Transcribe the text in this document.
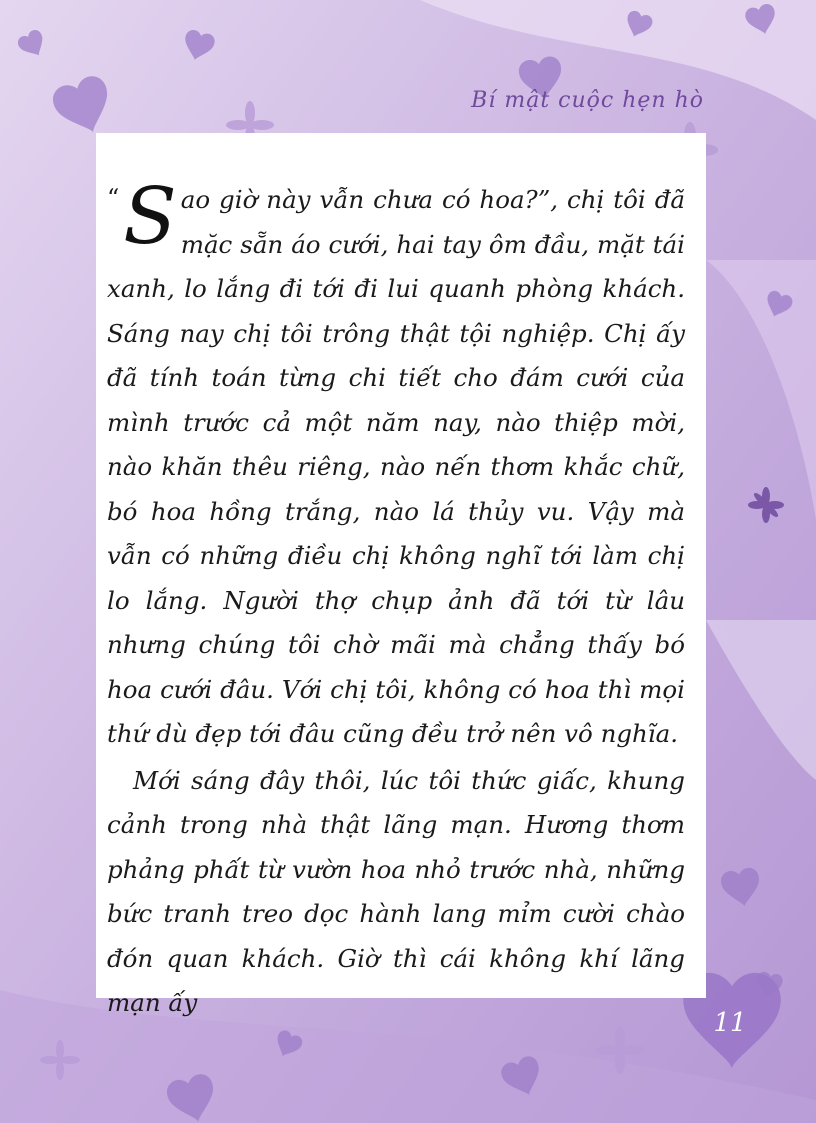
Bí mật cuộc hẹn hò

“ S ao giờ này vẫn chưa có hoa?”, chị tôi đã mặc sẵn áo cưới, hai tay ôm đầu, mặt tái xanh, lo lắng đi tới đi lui quanh phòng khách. Sáng nay chị tôi trông thật tội nghiệp. Chị ấy đã tính toán từng chi tiết cho đám cưới của mình trước cả một năm nay, nào thiệp mời, nào khăn thêu riêng, nào nến thơm khắc chữ, bó hoa hồng trắng, nào lá thủy vu. Vậy mà vẫn có những điều chị không nghĩ tới làm chị lo lắng. Người thợ chụp ảnh đã tới từ lâu nhưng chúng tôi chờ mãi mà chẳng thấy bó hoa cưới đâu. Với chị tôi, không có hoa thì mọi thứ dù đẹp tới đâu cũng đều trở nên vô nghĩa.

Mới sáng đây thôi, lúc tôi thức giấc, khung cảnh trong nhà thật lãng mạn. Hương thơm phảng phất từ vườn hoa nhỏ trước nhà, những bức tranh treo dọc hành lang mỉm cười chào đón quan khách. Giờ thì cái không khí lãng mạn ấy

11
